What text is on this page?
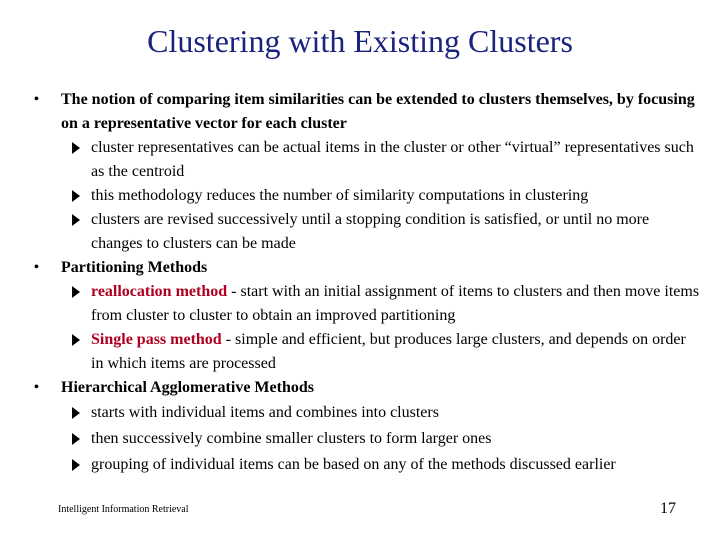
Clustering with Existing Clusters
• The notion of comparing item similarities can be extended to clusters themselves, by focusing on a representative vector for each cluster
cluster representatives can be actual items in the cluster or other “virtual” representatives such as the centroid
this methodology reduces the number of similarity computations in clustering
clusters are revised successively until a stopping condition is satisfied, or until no more changes to clusters can be made
• Partitioning Methods
reallocation method - start with an initial assignment of items to clusters and then move items from cluster to cluster to obtain an improved partitioning
Single pass method - simple and efficient, but produces large clusters, and depends on order in which items are processed
• Hierarchical Agglomerative Methods
starts with individual items and combines into clusters
then successively combine smaller clusters to form larger ones
grouping of individual items can be based on any of the methods discussed earlier
Intelligent Information Retrieval	17
